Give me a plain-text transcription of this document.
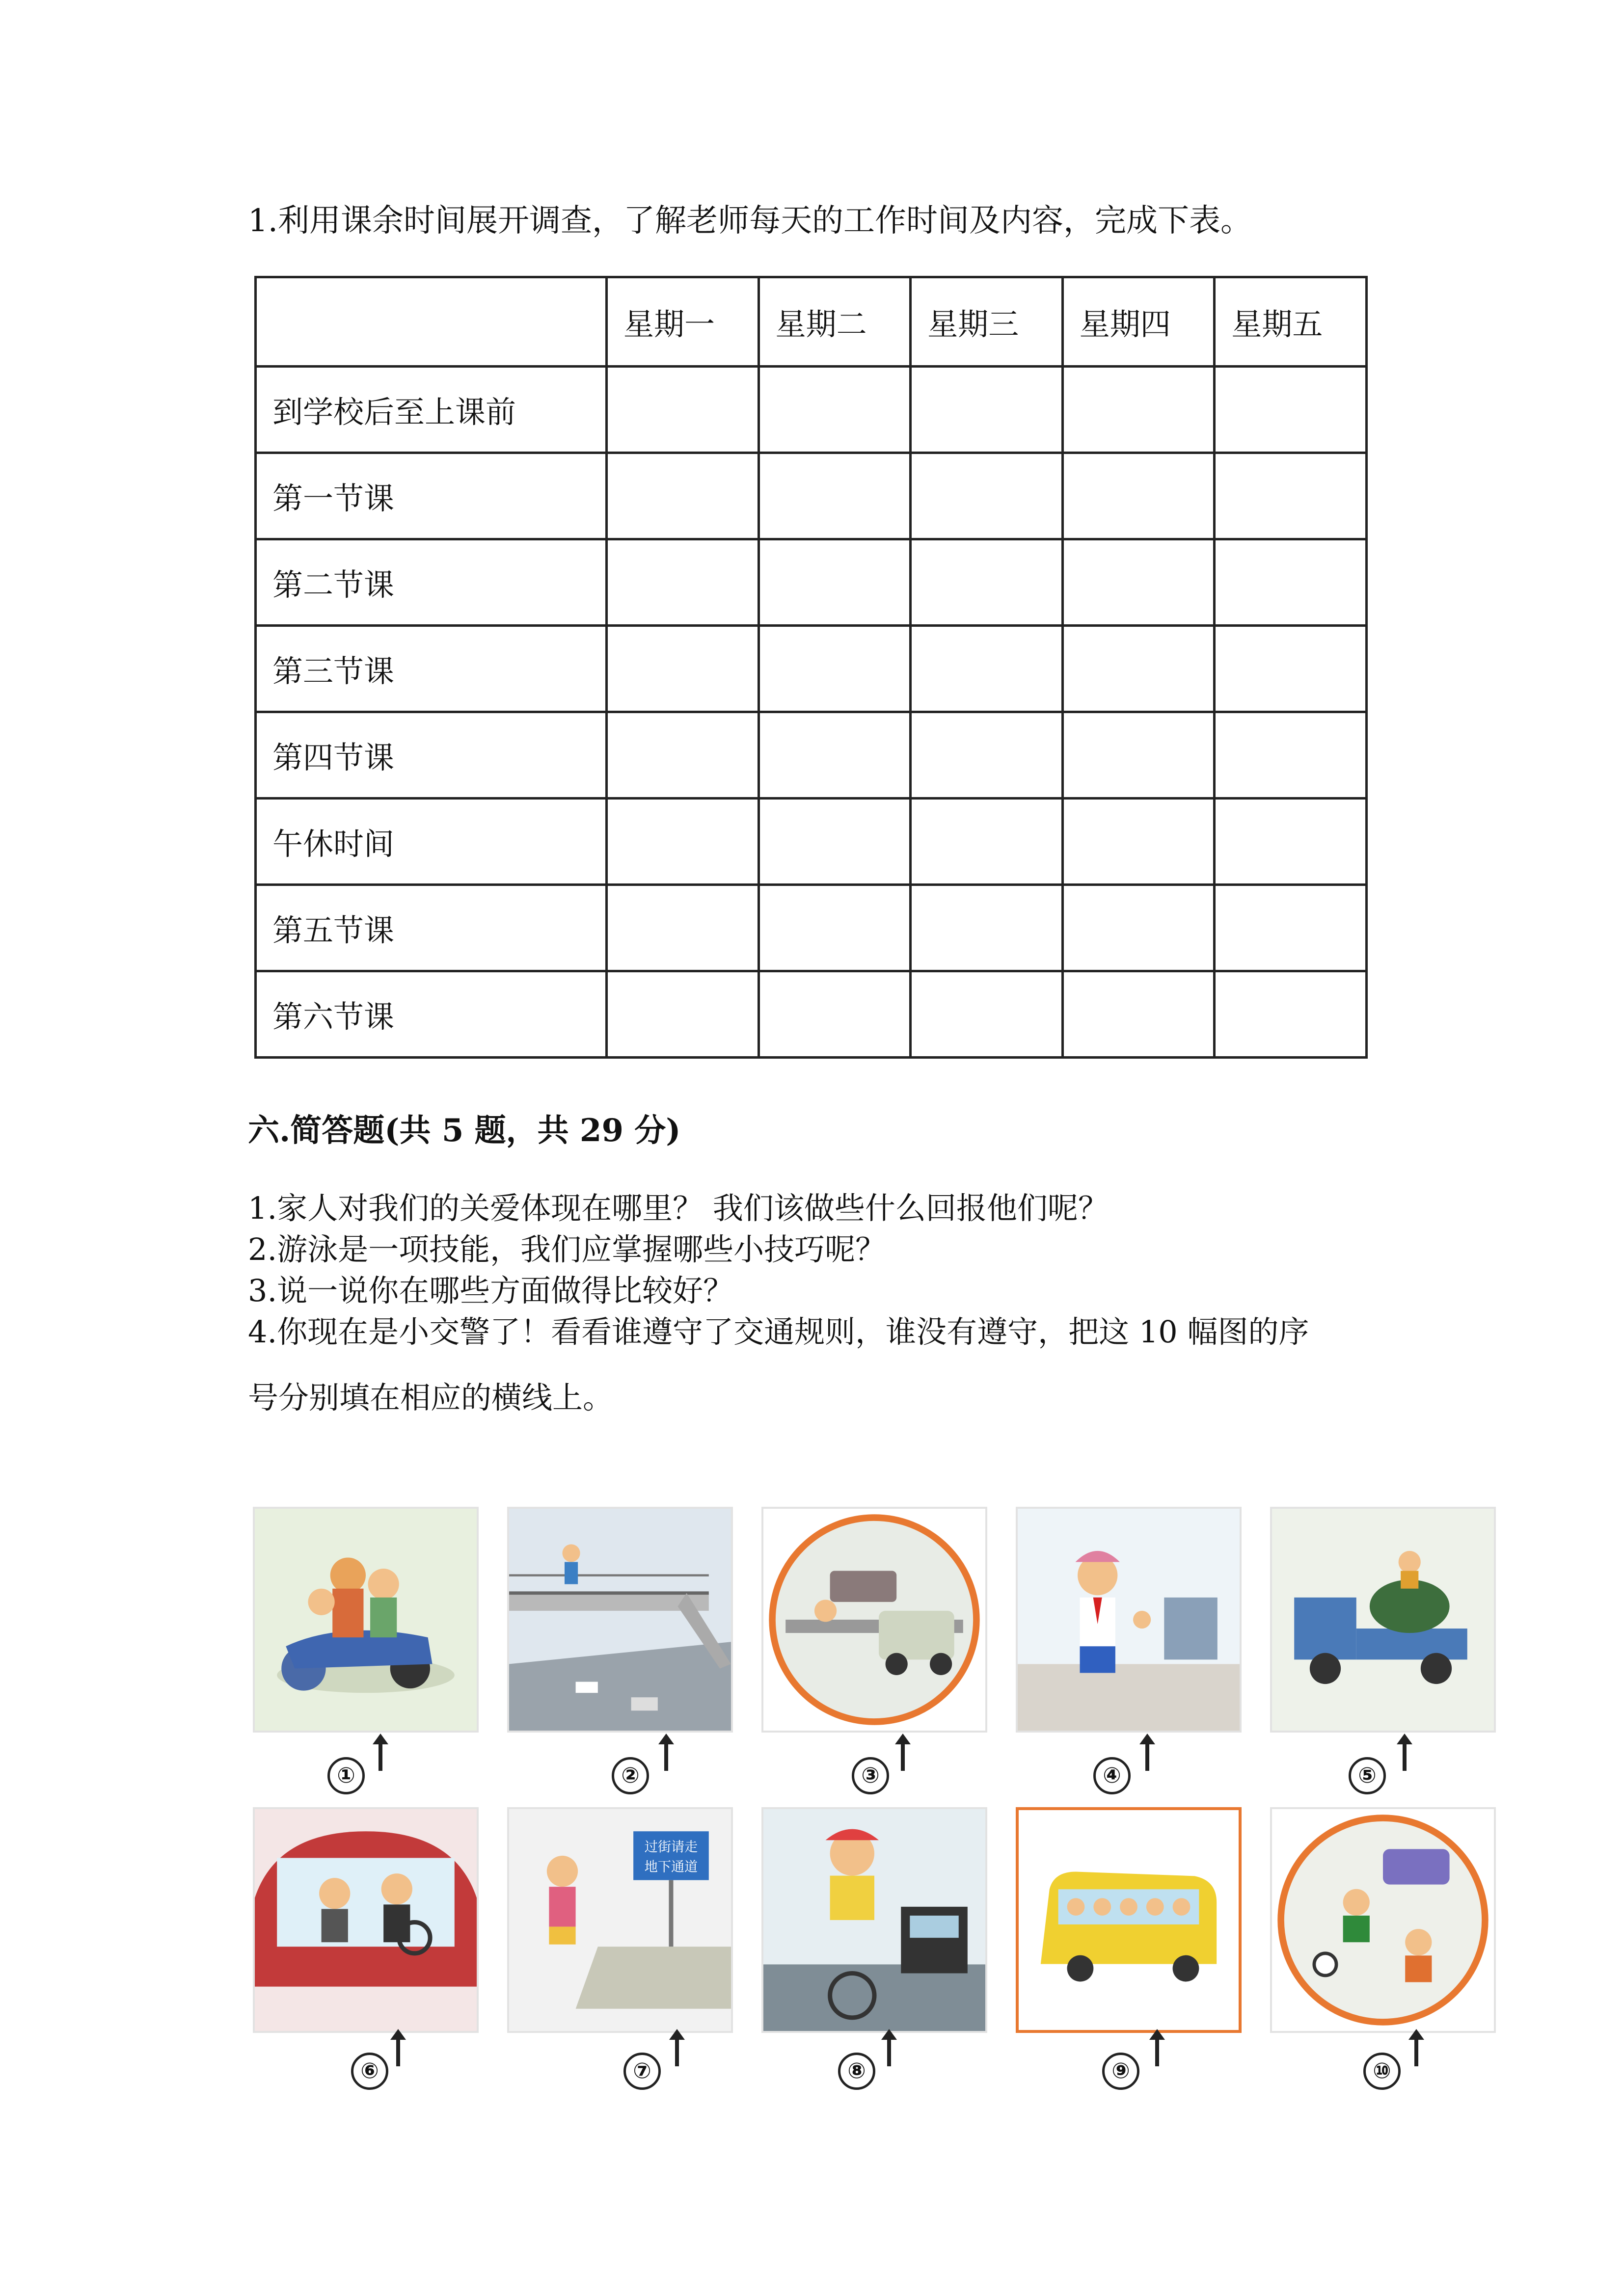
1.利用课余时间展开调查，了解老师每天的工作时间及内容，完成下表。
	星期一	星期二	星期三	星期四	星期五
到学校后至上课前					
第一节课					
第二节课					
第三节课					
第四节课					
午休时间					
第五节课					
第六节课					
六.简答题(共 5 题，共 29 分)
1.家人对我们的关爱体现在哪里？ 我们该做些什么回报他们呢？
2.游泳是一项技能，我们应掌握哪些小技巧呢？
3.说一说你在哪些方面做得比较好？
4.你现在是小交警了！看看谁遵守了交通规则，谁没有遵守，把这 10 幅图的序
号分别填在相应的横线上。
过街请走
地下通道
①	②	③	④	⑤
⑥	⑦	⑧	⑨	⑩
